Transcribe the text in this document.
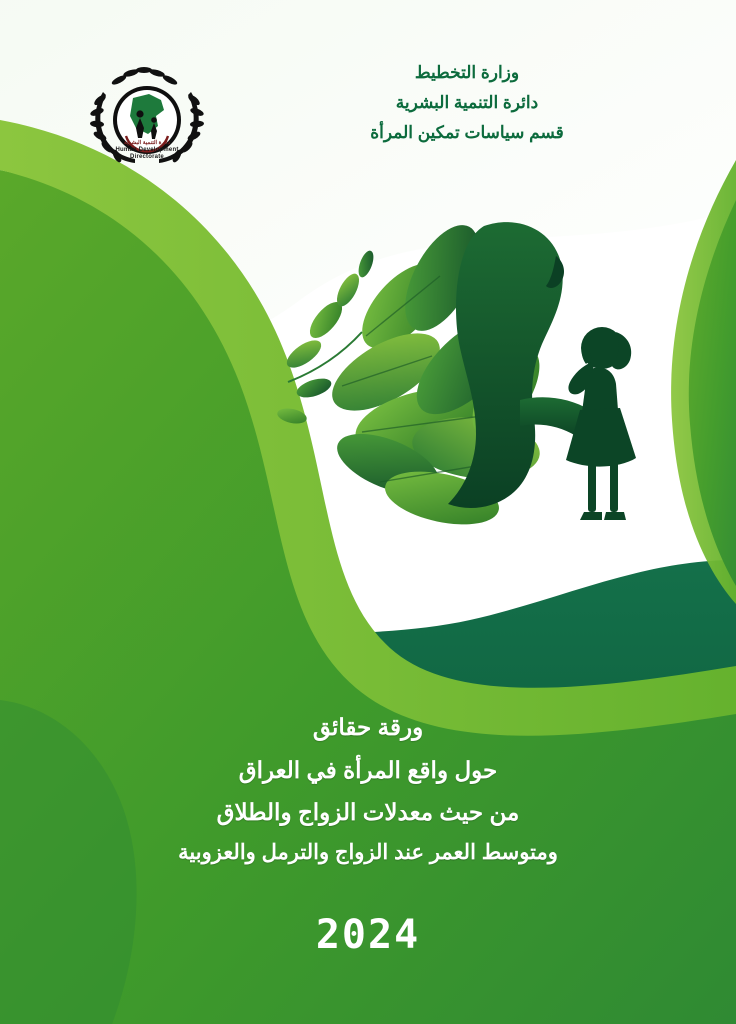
وزارة التخطيط
دائرة التنمية البشرية
قسم سياسات تمكين المرأة
دائرة التنمية البشرية
Human Development
Directorate
ورقة حقائق
حول واقع المرأة في العراق
من حيث معدلات الزواج والطلاق
ومتوسط العمر عند الزواج والترمل والعزوبية
2024
